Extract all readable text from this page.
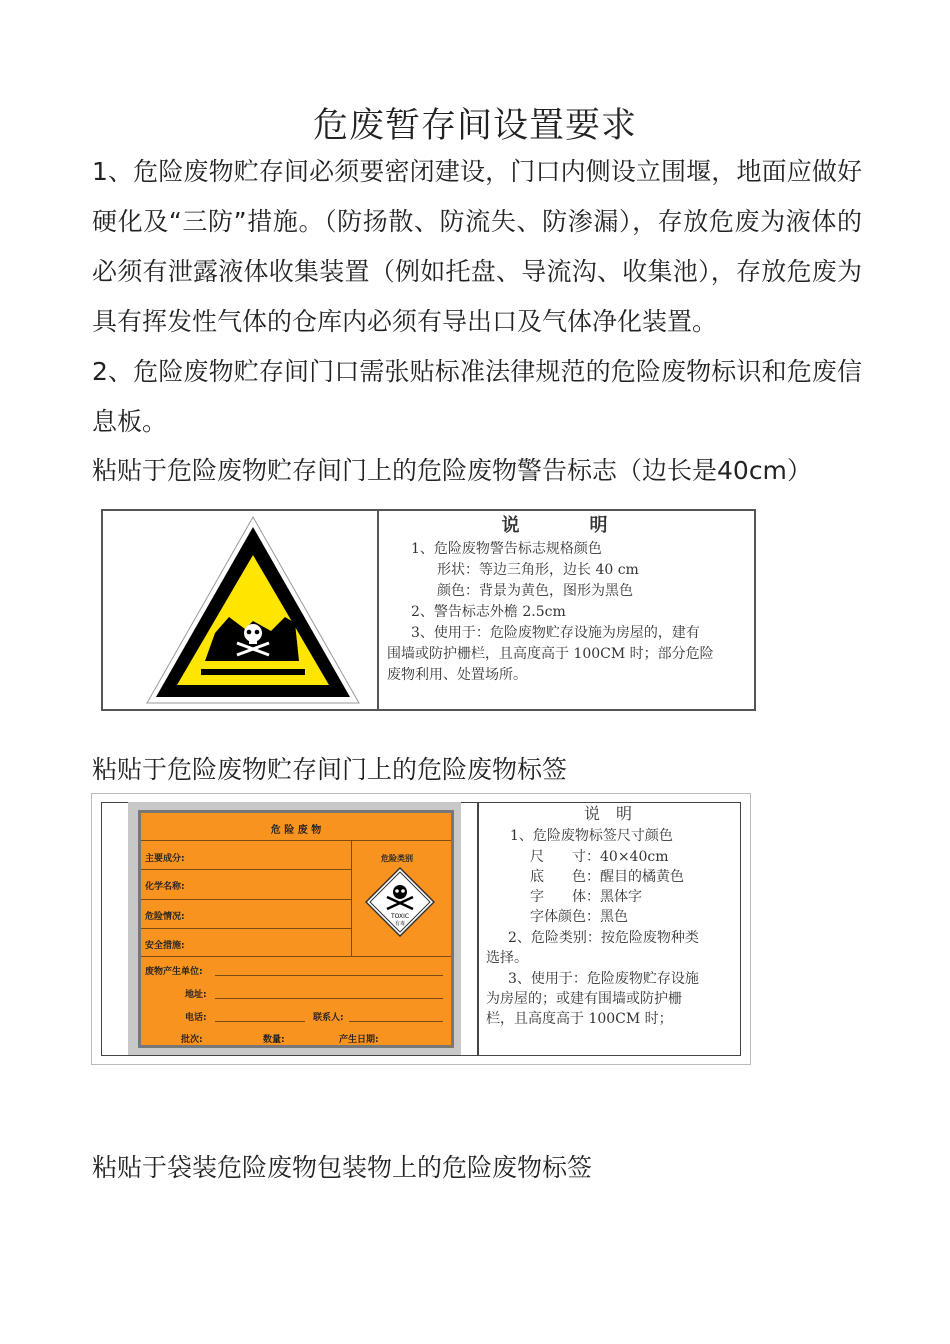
危废暂存间设置要求

1、危险废物贮存间必须要密闭建设，门口内侧设立围堰，地面应做好硬化及“三防”措施。（防扬散、防流失、防渗漏），存放危废为液体的必须有泄露液体收集装置（例如托盘、导流沟、收集池），存放危废为具有挥发性气体的仓库内必须有导出口及气体净化装置。

2、危险废物贮存间门口需张贴标准法律规范的危险废物标识和危废信息板。

粘贴于危险废物贮存间门上的危险废物警告标志（边长是40cm）
说　明
1、危险废物警告标志规格颜色
形状：等边三角形，边长 40 cm
颜色：背景为黄色，图形为黑色
2、警告标志外檐 2.5cm
3、使用于：危险废物贮存设施为房屋的，建有
围墙或防护栅栏，且高度高于 100CM 时；部分危险
废物利用、处置场所。
粘贴于危险废物贮存间门上的危险废物标签
危 险 废 物
主要成分:
化学名称:
危险情况:
安全措施:
危险类别
TOXIC
有毒
废物产生单位:
地址:
电话:	联系人:
批次:	数量:	产生日期:
说　明
1、危险废物标签尺寸颜色
尺　　寸：40×40cm
底　　色：醒目的橘黄色
字　　体：黑体字
字体颜色：黑色
2、危险类别：按危险废物种类
选择。
3、使用于：危险废物贮存设施
为房屋的；或建有围墙或防护栅
栏，且高度高于 100CM 时；
粘贴于袋装危险废物包装物上的危险废物标签
